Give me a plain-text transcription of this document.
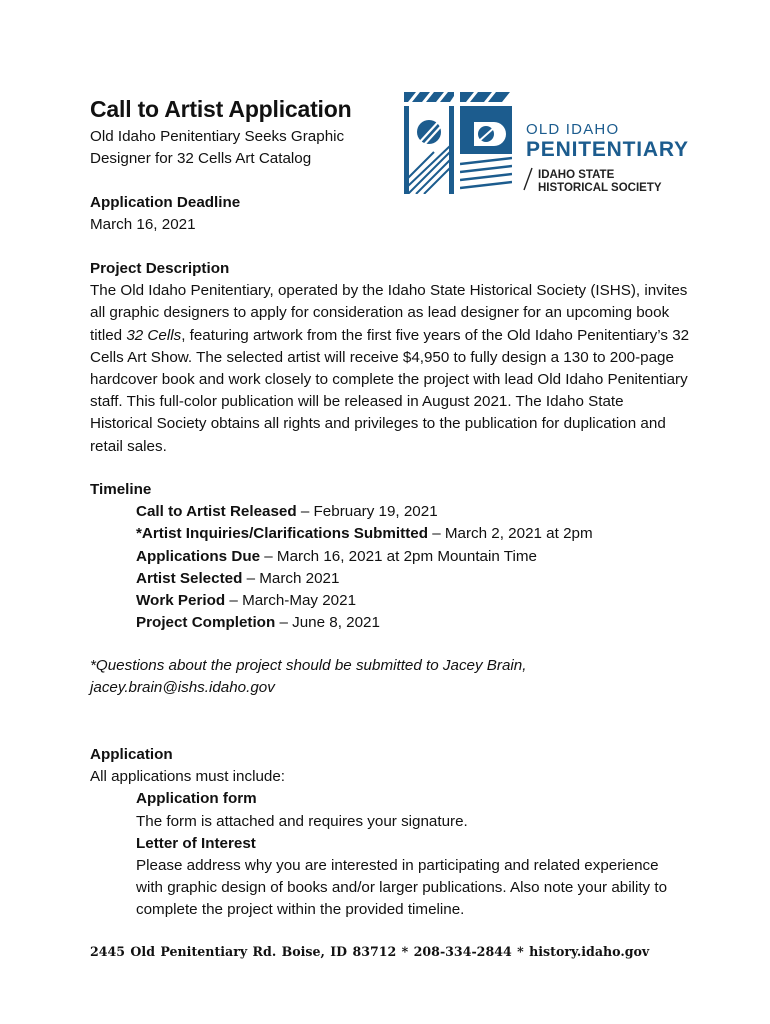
Call to Artist Application
Old Idaho Penitentiary Seeks Graphic
Designer for 32 Cells Art Catalog
OLD IDAHO
PENITENTIARY
IDAHO STATE
HISTORICAL SOCIETY
Application Deadline
March 16, 2021
Project Description
The Old Idaho Penitentiary, operated by the Idaho State Historical Society (ISHS), invites all graphic designers to apply for consideration as lead designer for an upcoming book titled 32 Cells, featuring artwork from the first five years of the Old Idaho Penitentiary’s 32 Cells Art Show. The selected artist will receive $4,950 to fully design a 130 to 200-page hardcover book and work closely to complete the project with lead Old Idaho Penitentiary staff. This full-color publication will be released in August 2021. The Idaho State Historical Society obtains all rights and privileges to the publication for duplication and retail sales.
Timeline
Call to Artist Released – February 19, 2021
*Artist Inquiries/Clarifications Submitted – March 2, 2021 at 2pm
Applications Due – March 16, 2021 at 2pm Mountain Time
Artist Selected – March 2021
Work Period – March-May 2021
Project Completion – June 8, 2021
*Questions about the project should be submitted to Jacey Brain,
jacey.brain@ishs.idaho.gov
Application
All applications must include:
Application form
The form is attached and requires your signature.
Letter of Interest
Please address why you are interested in participating and related experience with graphic design of books and/or larger publications. Also note your ability to complete the project within the provided timeline.
2445 Old Penitentiary Rd. Boise, ID 83712 * 208-334-2844 * history.idaho.gov
